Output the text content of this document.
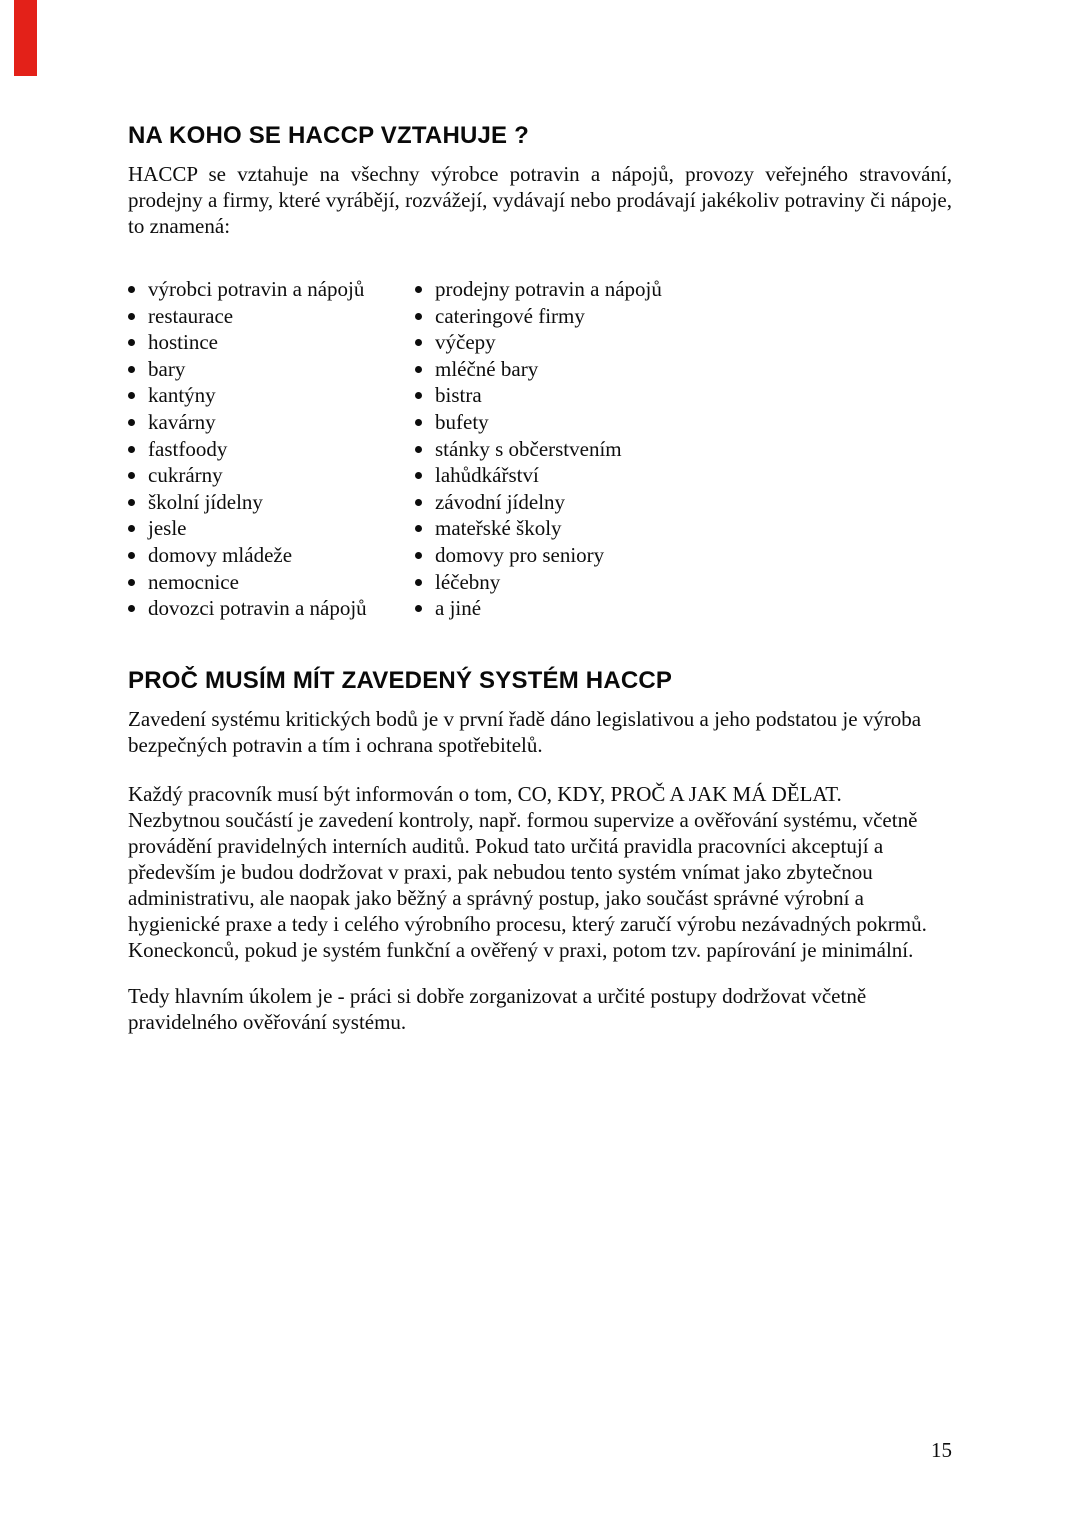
NA KOHO SE HACCP VZTAHUJE ?

HACCP se vztahuje na všechny výrobce potravin a nápojů, provozy veřejného stravování, prodejny a firmy, které vyrábějí, rozvážejí, vydávají nebo prodávají jakékoliv potraviny či nápoje, to znamená:

výrobci potravin a nápojů
restaurace
hostince
bary
kantýny
kavárny
fastfoody
cukrárny
školní jídelny
jesle
domovy mládeže
nemocnice
dovozci potravin a nápojů
prodejny potravin a nápojů
cateringové firmy
výčepy
mléčné bary
bistra
bufety
stánky s občerstvením
lahůdkářství
závodní jídelny
mateřské školy
domovy pro seniory
léčebny
a jiné
PROČ MUSÍM MÍT ZAVEDENÝ SYSTÉM HACCP

Zavedení systému kritických bodů je v první řadě dáno legislativou a jeho podstatou je výroba bezpečných potravin a tím i ochrana spotřebitelů.

Každý pracovník musí být informován o tom, CO, KDY, PROČ A JAK MÁ DĚLAT.
Nezbytnou součástí je zavedení kontroly, např. formou supervize a ověřování systému, včetně provádění pravidelných interních auditů. Pokud tato určitá pravidla pracovníci akceptují a především je budou dodržovat v praxi, pak nebudou tento systém vnímat jako zbytečnou administrativu, ale naopak jako běžný a správný postup, jako součást správné výrobní a hygienické praxe a tedy i celého výrobního procesu, který zaručí výrobu nezávadných pokrmů. Koneckonců, pokud je systém funkční a ověřený v praxi, potom tzv. papírování je minimální.

Tedy hlavním úkolem je - práci si dobře zorganizovat a určité postupy dodržovat včetně pravidelného ověřování systému.

15
